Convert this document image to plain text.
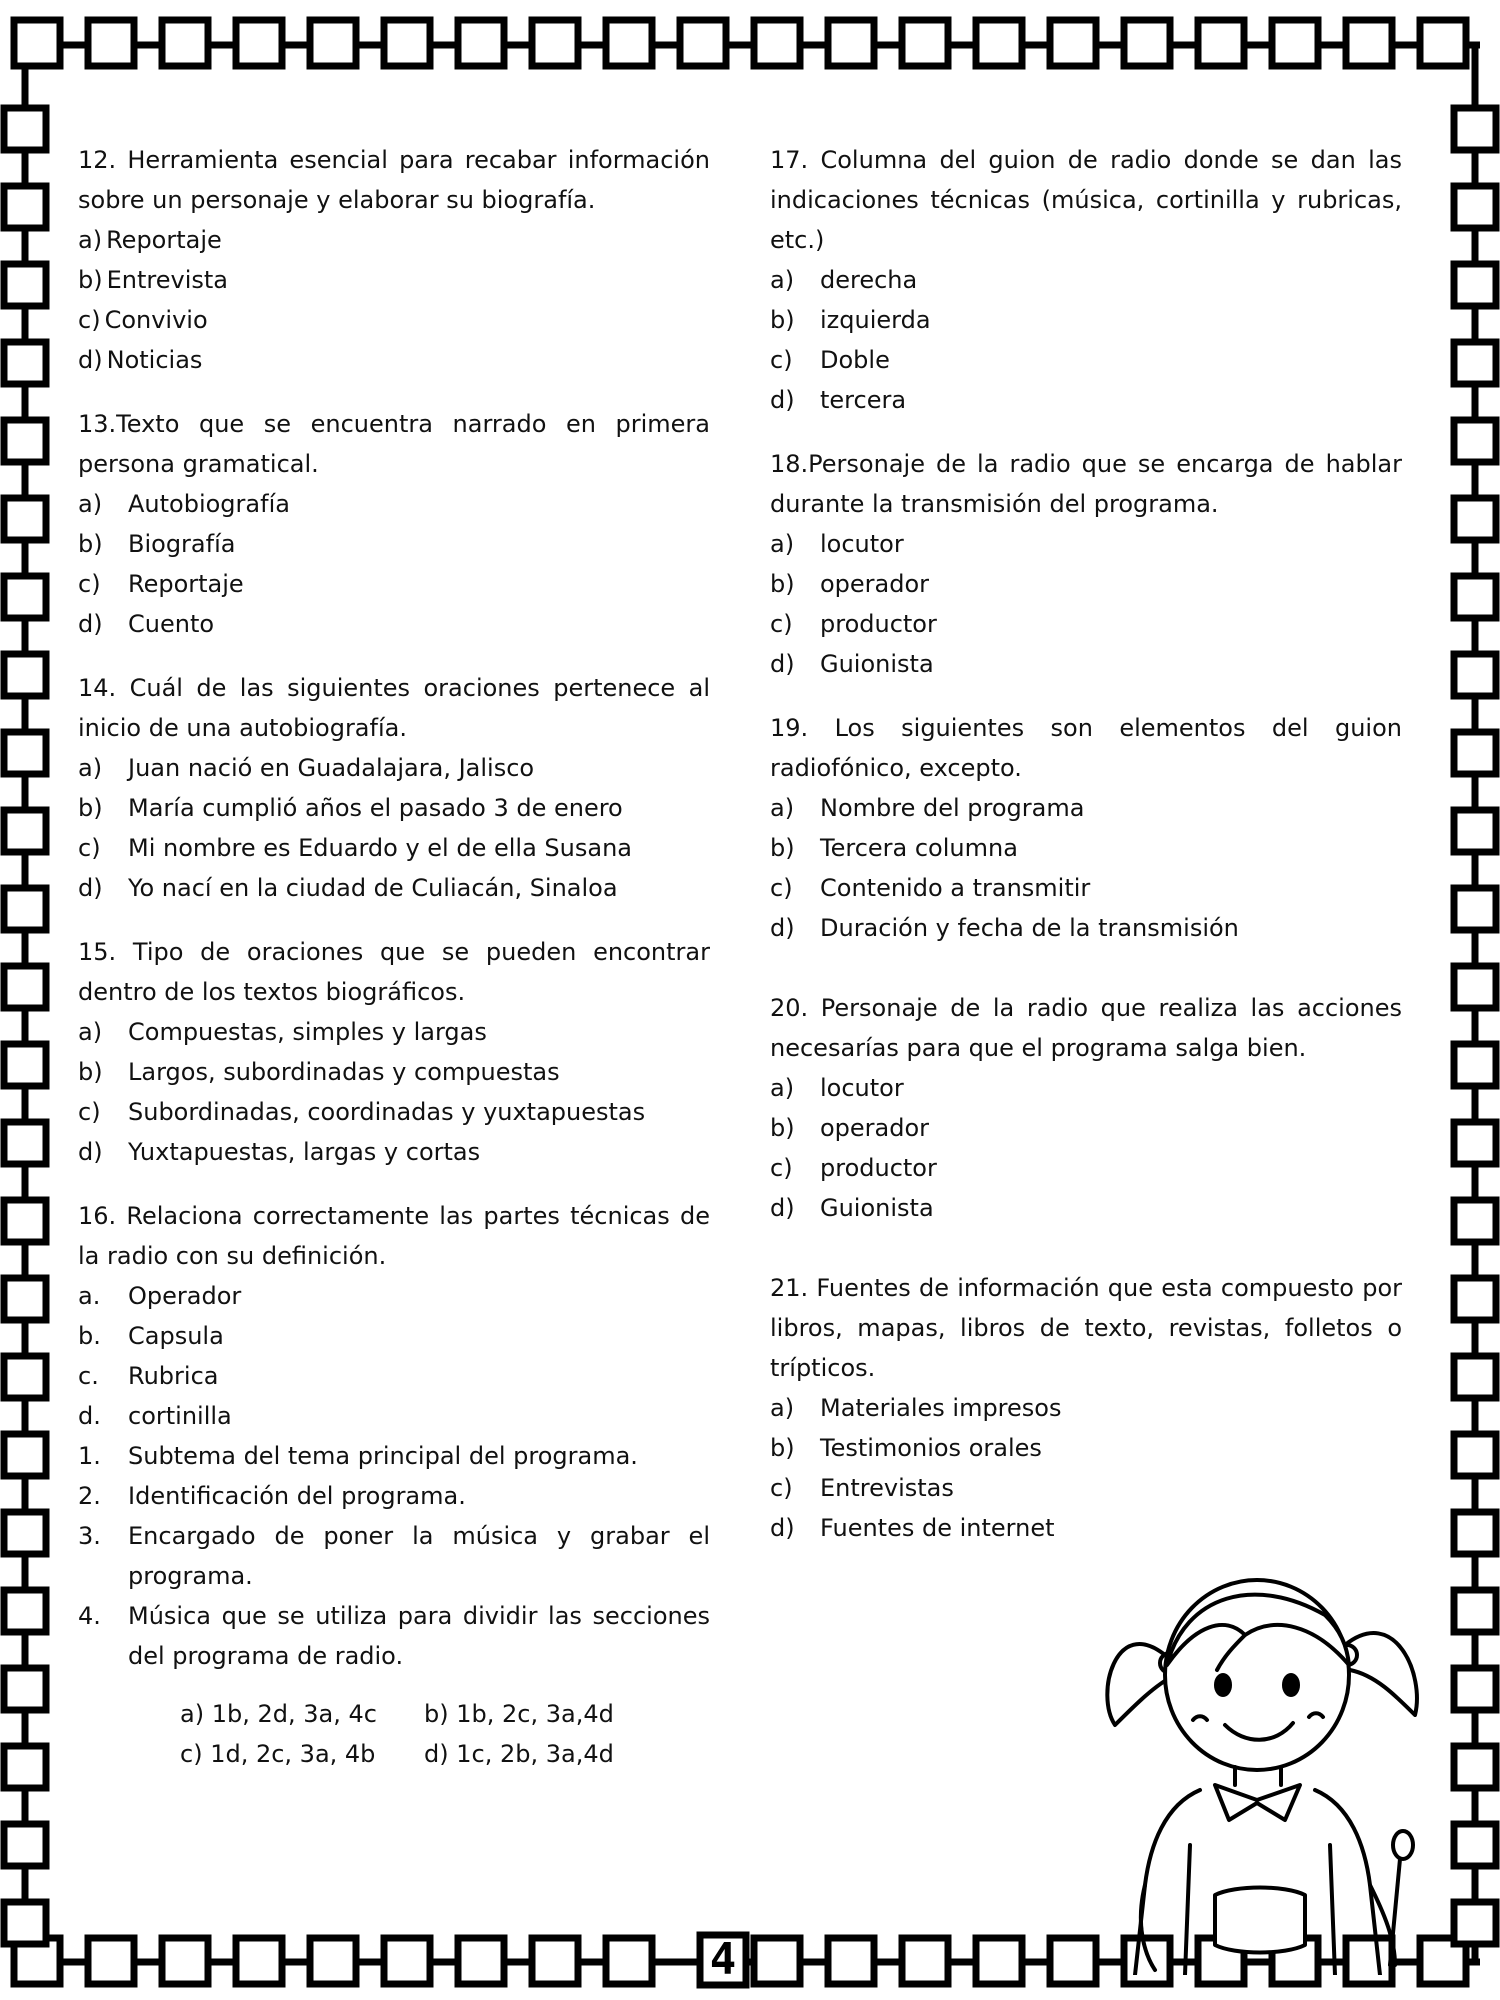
4
12. Herramienta esencial para recabar información sobre un personaje y elaborar su biografía.
a) Reportaje
b) Entrevista
c) Convivio
d) Noticias
13.Texto que se encuentra narrado en primera persona gramatical.
a) Autobiografía
b) Biografía
c) Reportaje
d) Cuento
14. Cuál de las siguientes oraciones pertenece al inicio de una autobiografía.
a) Juan nació en Guadalajara, Jalisco
b) María cumplió años el pasado 3 de enero
c) Mi nombre es Eduardo y el de ella Susana
d) Yo nací en la ciudad de Culiacán, Sinaloa
15. Tipo de oraciones que se pueden encontrar dentro de los textos biográficos.
a) Compuestas, simples y largas
b) Largos, subordinadas y compuestas
c) Subordinadas, coordinadas y yuxtapuestas
d) Yuxtapuestas, largas y cortas
16. Relaciona correctamente las partes técnicas de la radio con su definición.
a. Operador
b. Capsula
c. Rubrica
d. cortinilla
1. Subtema del tema principal del programa.
2. Identificación del programa.
3. Encargado de poner la música y grabar el programa.
4. Música que se utiliza para dividir las secciones del programa de radio.
a) 1b, 2d, 3a, 4c	b) 1b, 2c, 3a,4d
c) 1d, 2c, 3a, 4b	d) 1c, 2b, 3a,4d
17. Columna del guion de radio donde se dan las indicaciones técnicas (música, cortinilla y rubricas, etc.)
a) derecha
b) izquierda
c) Doble
d) tercera
18.Personaje de la radio que se encarga de hablar durante la transmisión del programa.
a) locutor
b) operador
c) productor
d) Guionista
19. Los siguientes son elementos del guion radiofónico, excepto.
a) Nombre del programa
b) Tercera columna
c) Contenido a transmitir
d) Duración y fecha de la transmisión
20. Personaje de la radio que realiza las acciones necesarías para que el programa salga bien.
a) locutor
b) operador
c) productor
d) Guionista
21. Fuentes de información que esta compuesto por libros, mapas, libros de texto, revistas, folletos o trípticos.
a) Materiales impresos
b) Testimonios orales
c) Entrevistas
d) Fuentes de internet
